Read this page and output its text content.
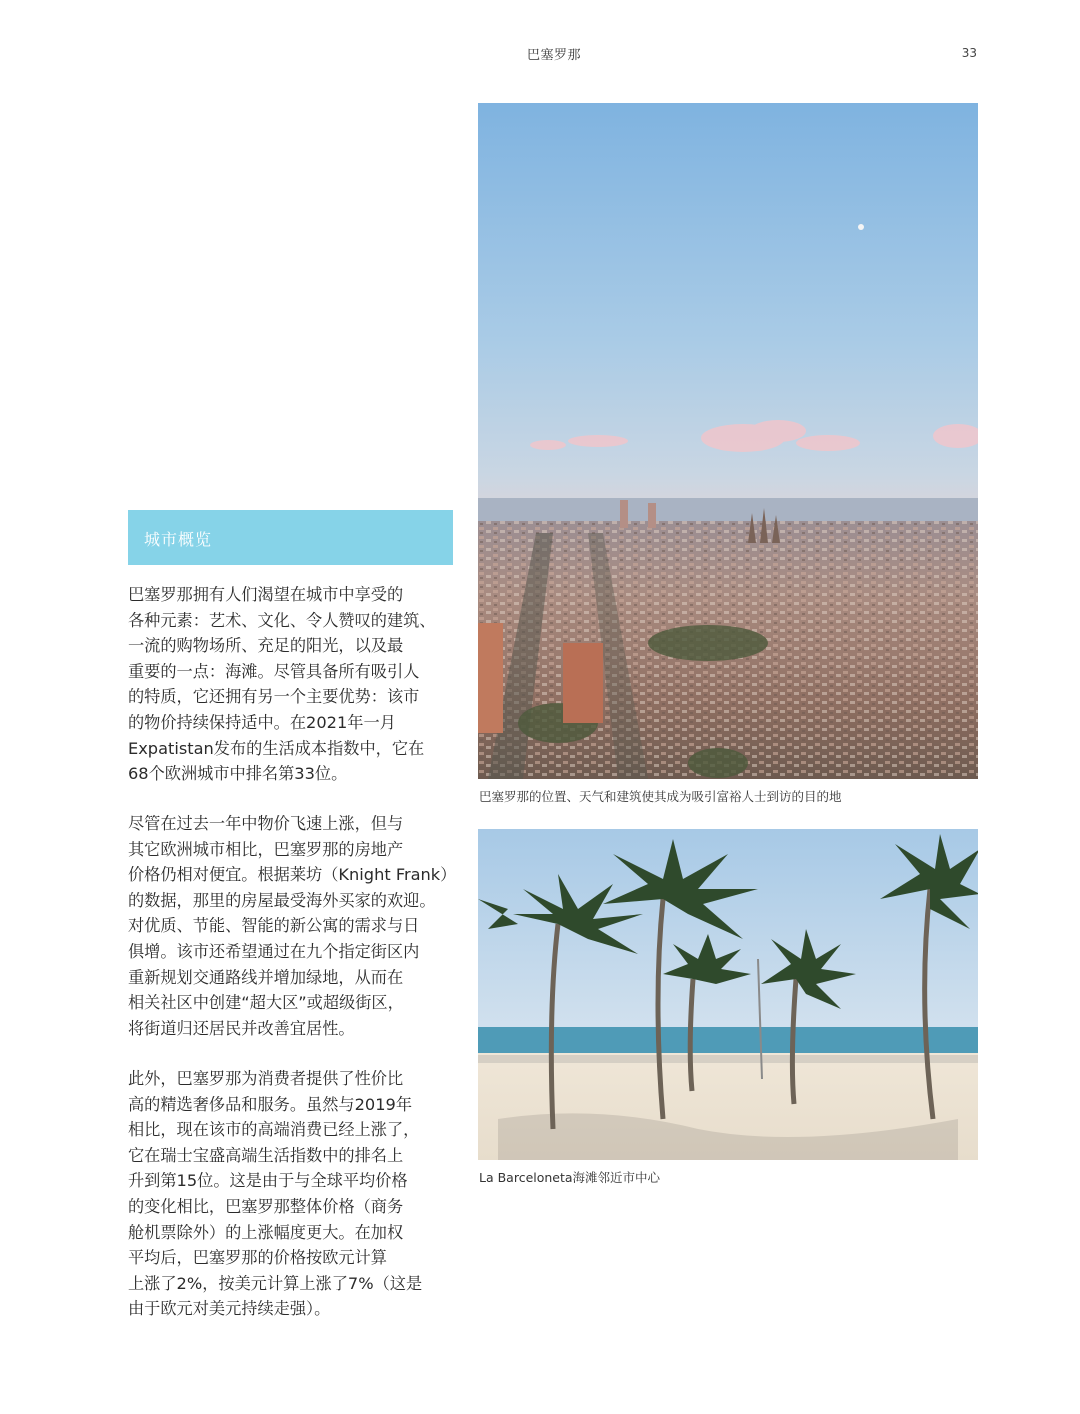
巴塞罗那	33
城市概览
巴塞罗那拥有人们渴望在城市中享受的
各种元素：艺术、文化、令人赞叹的建筑、
一流的购物场所、充足的阳光，以及最
重要的一点：海滩。尽管具备所有吸引人
的特质，它还拥有另一个主要优势：该市
的物价持续保持适中。在2021年一月
Expatistan发布的生活成本指数中，它在
68个欧洲城市中排名第33位。
尽管在过去一年中物价飞速上涨，但与
其它欧洲城市相比，巴塞罗那的房地产
价格仍相对便宜。根据莱坊（Knight Frank）
的数据，那里的房屋最受海外买家的欢迎。
对优质、节能、智能的新公寓的需求与日
俱增。该市还希望通过在九个指定街区内
重新规划交通路线并增加绿地，从而在
相关社区中创建“超大区”或超级街区，
将街道归还居民并改善宜居性。
此外，巴塞罗那为消费者提供了性价比
高的精选奢侈品和服务。虽然与2019年
相比，现在该市的高端消费已经上涨了，
它在瑞士宝盛高端生活指数中的排名上
升到第15位。这是由于与全球平均价格
的变化相比，巴塞罗那整体价格（商务
舱机票除外）的上涨幅度更大。在加权
平均后，巴塞罗那的价格按欧元计算
上涨了2%，按美元计算上涨了7%（这是
由于欧元对美元持续走强）。
巴塞罗那的位置、天气和建筑使其成为吸引富裕人士到访的目的地
La Barceloneta海滩邻近市中心
